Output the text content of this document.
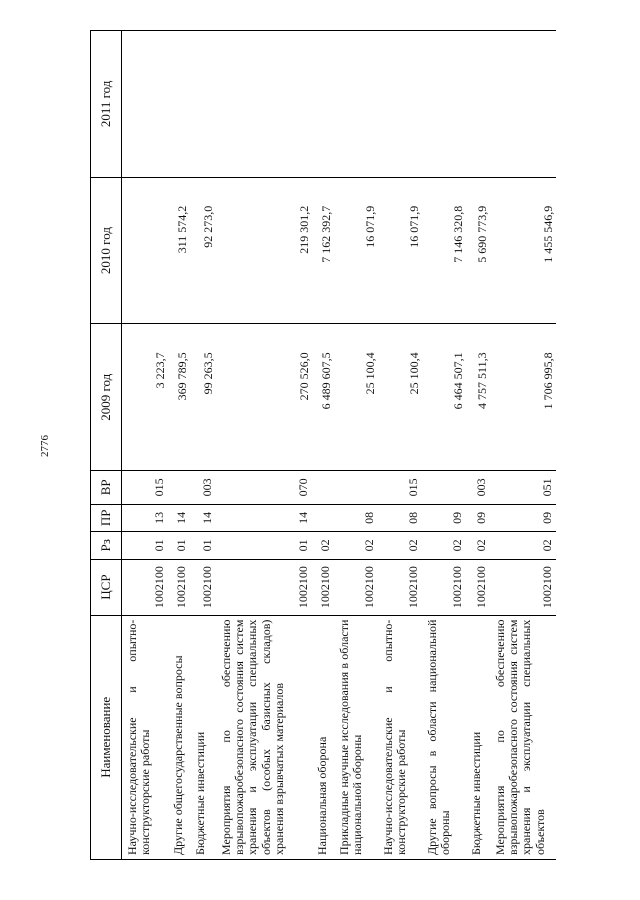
2776
Наименование	ЦСР	Рз	ПР	ВР	2009 год	2010 год	2011 год
Научно-исследовательские и опытно-конструкторские работы	1002100	01	13	015	3 223,7		
Другие общегосударственные вопросы	1002100	01	14		369 789,5	311 574,2	
Бюджетные инвестиции	1002100	01	14	003	99 263,5	92 273,0	
Мероприятия по обеспечению взрывопожаробезопасного состояния систем хранения и эксплуатации специальных объектов (особых базисных складов) хранения взрывчатых материалов	1002100	01	14	070	270 526,0	219 301,2	
Национальная оборона	1002100	02			6 489 607,5	7 162 392,7	
Прикладные научные исследования в области национальной обороны	1002100	02	08		25 100,4	16 071,9	
Научно-исследовательские и опытно-конструкторские работы	1002100	02	08	015	25 100,4	16 071,9	
Другие вопросы в области национальной обороны	1002100	02	09		6 464 507,1	7 146 320,8	
Бюджетные инвестиции	1002100	02	09	003	4 757 511,3	5 690 773,9	
Мероприятия по обеспечению взрывопожаробезопасного состояния систем хранения и эксплуатации специальных объектов	1002100	02	09	051	1 706 995,8	1 455 546,9	
